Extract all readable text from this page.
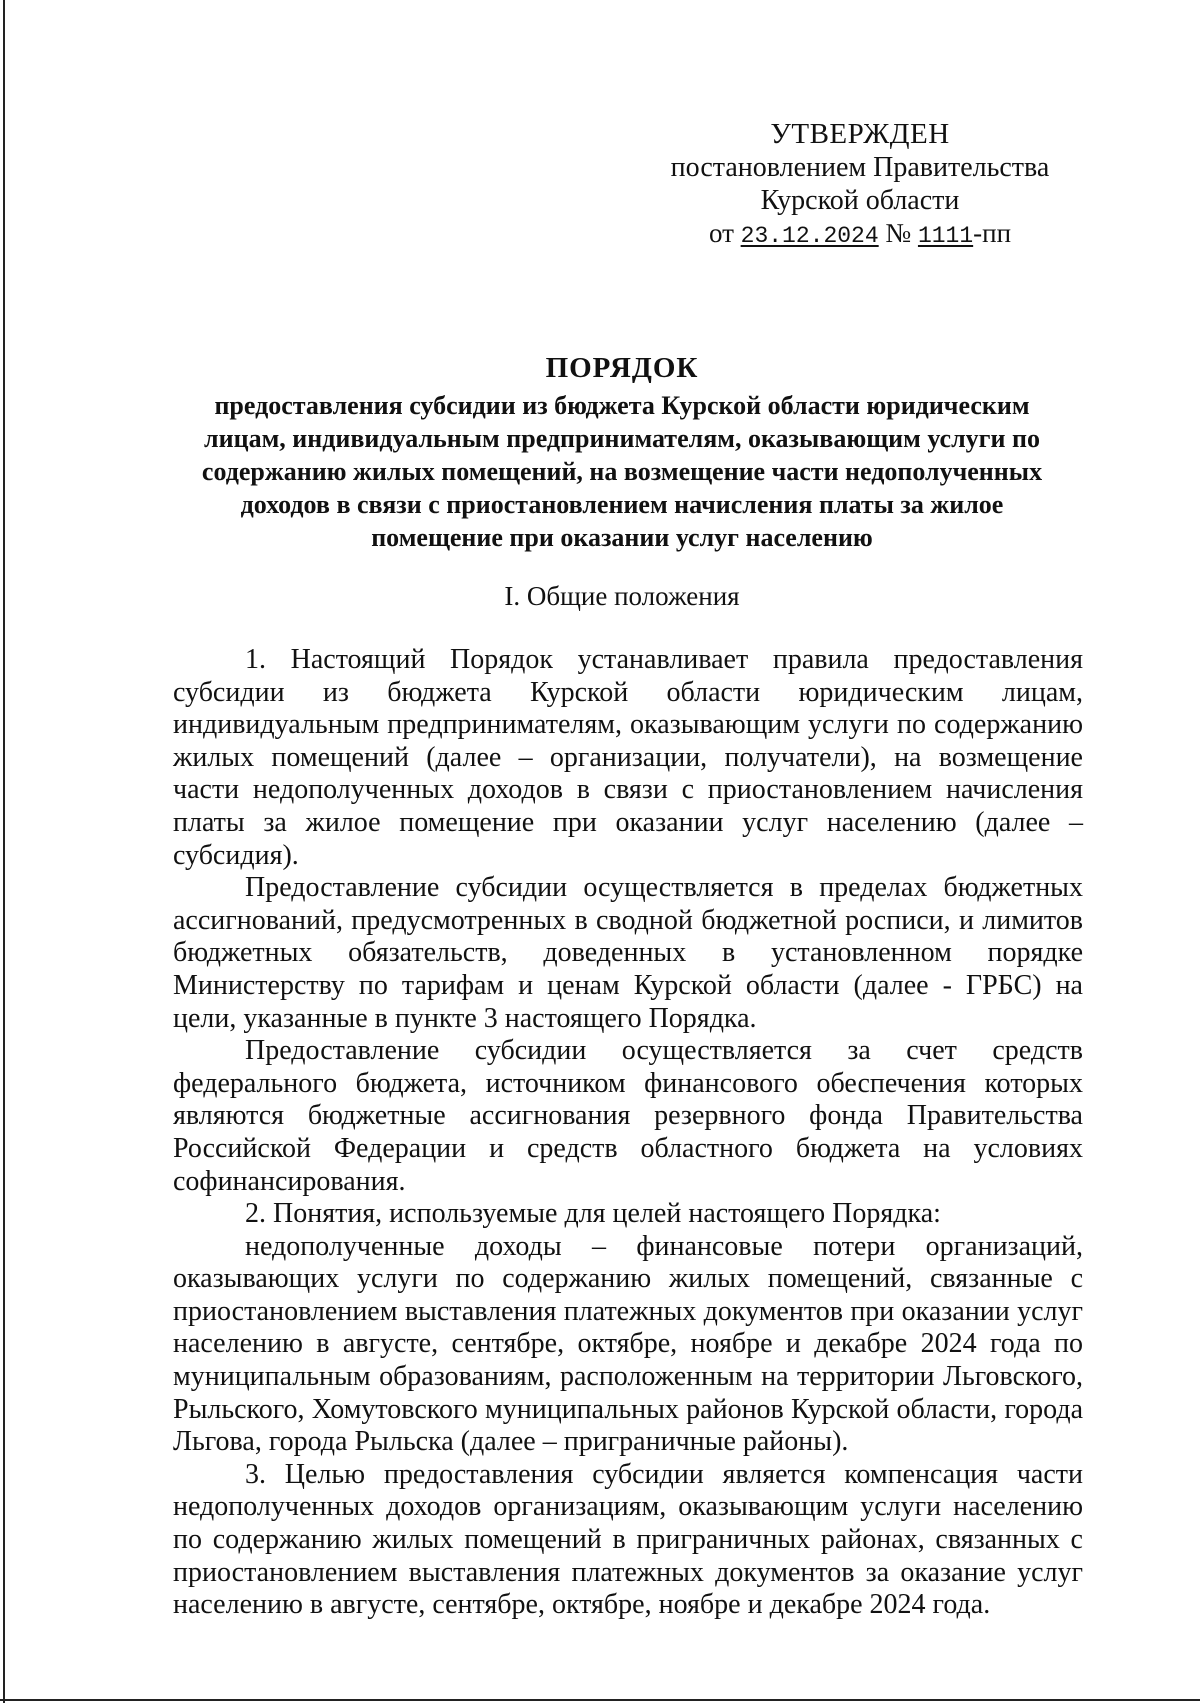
УТВЕРЖДЕН
постановлением Правительства
Курской области
от 23.12.2024 № 1111-пп
ПОРЯДОК
предоставления субсидии из бюджета Курской области юридическим лицам, индивидуальным предпринимателям, оказывающим услуги по содержанию жилых помещений, на возмещение части недополученных доходов в связи с приостановлением начисления платы за жилое помещение при оказании услуг населению
I. Общие положения

1. Настоящий Порядок устанавливает правила предоставления субсидии из бюджета Курской области юридическим лицам, индивидуальным предпринимателям, оказывающим услуги по содержанию жилых помещений (далее – организации, получатели), на возмещение части недополученных доходов в связи с приостановлением начисления платы за жилое помещение при оказании услуг населению (далее – субсидия).

Предоставление субсидии осуществляется в пределах бюджетных ассигнований, предусмотренных в сводной бюджетной росписи, и лимитов бюджетных обязательств, доведенных в установленном порядке Министерству по тарифам и ценам Курской области (далее - ГРБС) на цели, указанные в пункте 3 настоящего Порядка.

Предоставление субсидии осуществляется за счет средств федерального бюджета, источником финансового обеспечения которых являются бюджетные ассигнования резервного фонда Правительства Российской Федерации и средств областного бюджета на условиях софинансирования.

2. Понятия, используемые для целей настоящего Порядка:

недополученные доходы – финансовые потери организаций, оказывающих услуги по содержанию жилых помещений, связанные с приостановлением выставления платежных документов при оказании услуг населению в августе, сентябре, октябре, ноябре и декабре 2024 года по муниципальным образованиям, расположенным на территории Льговского, Рыльского, Хомутовского муниципальных районов Курской области, города Льгова, города Рыльска (далее – приграничные районы).

3. Целью предоставления субсидии является компенсация части недополученных доходов организациям, оказывающим услуги населению по содержанию жилых помещений в приграничных районах, связанных с приостановлением выставления платежных документов за оказание услуг населению в августе, сентябре, октябре, ноябре и декабре 2024 года.
